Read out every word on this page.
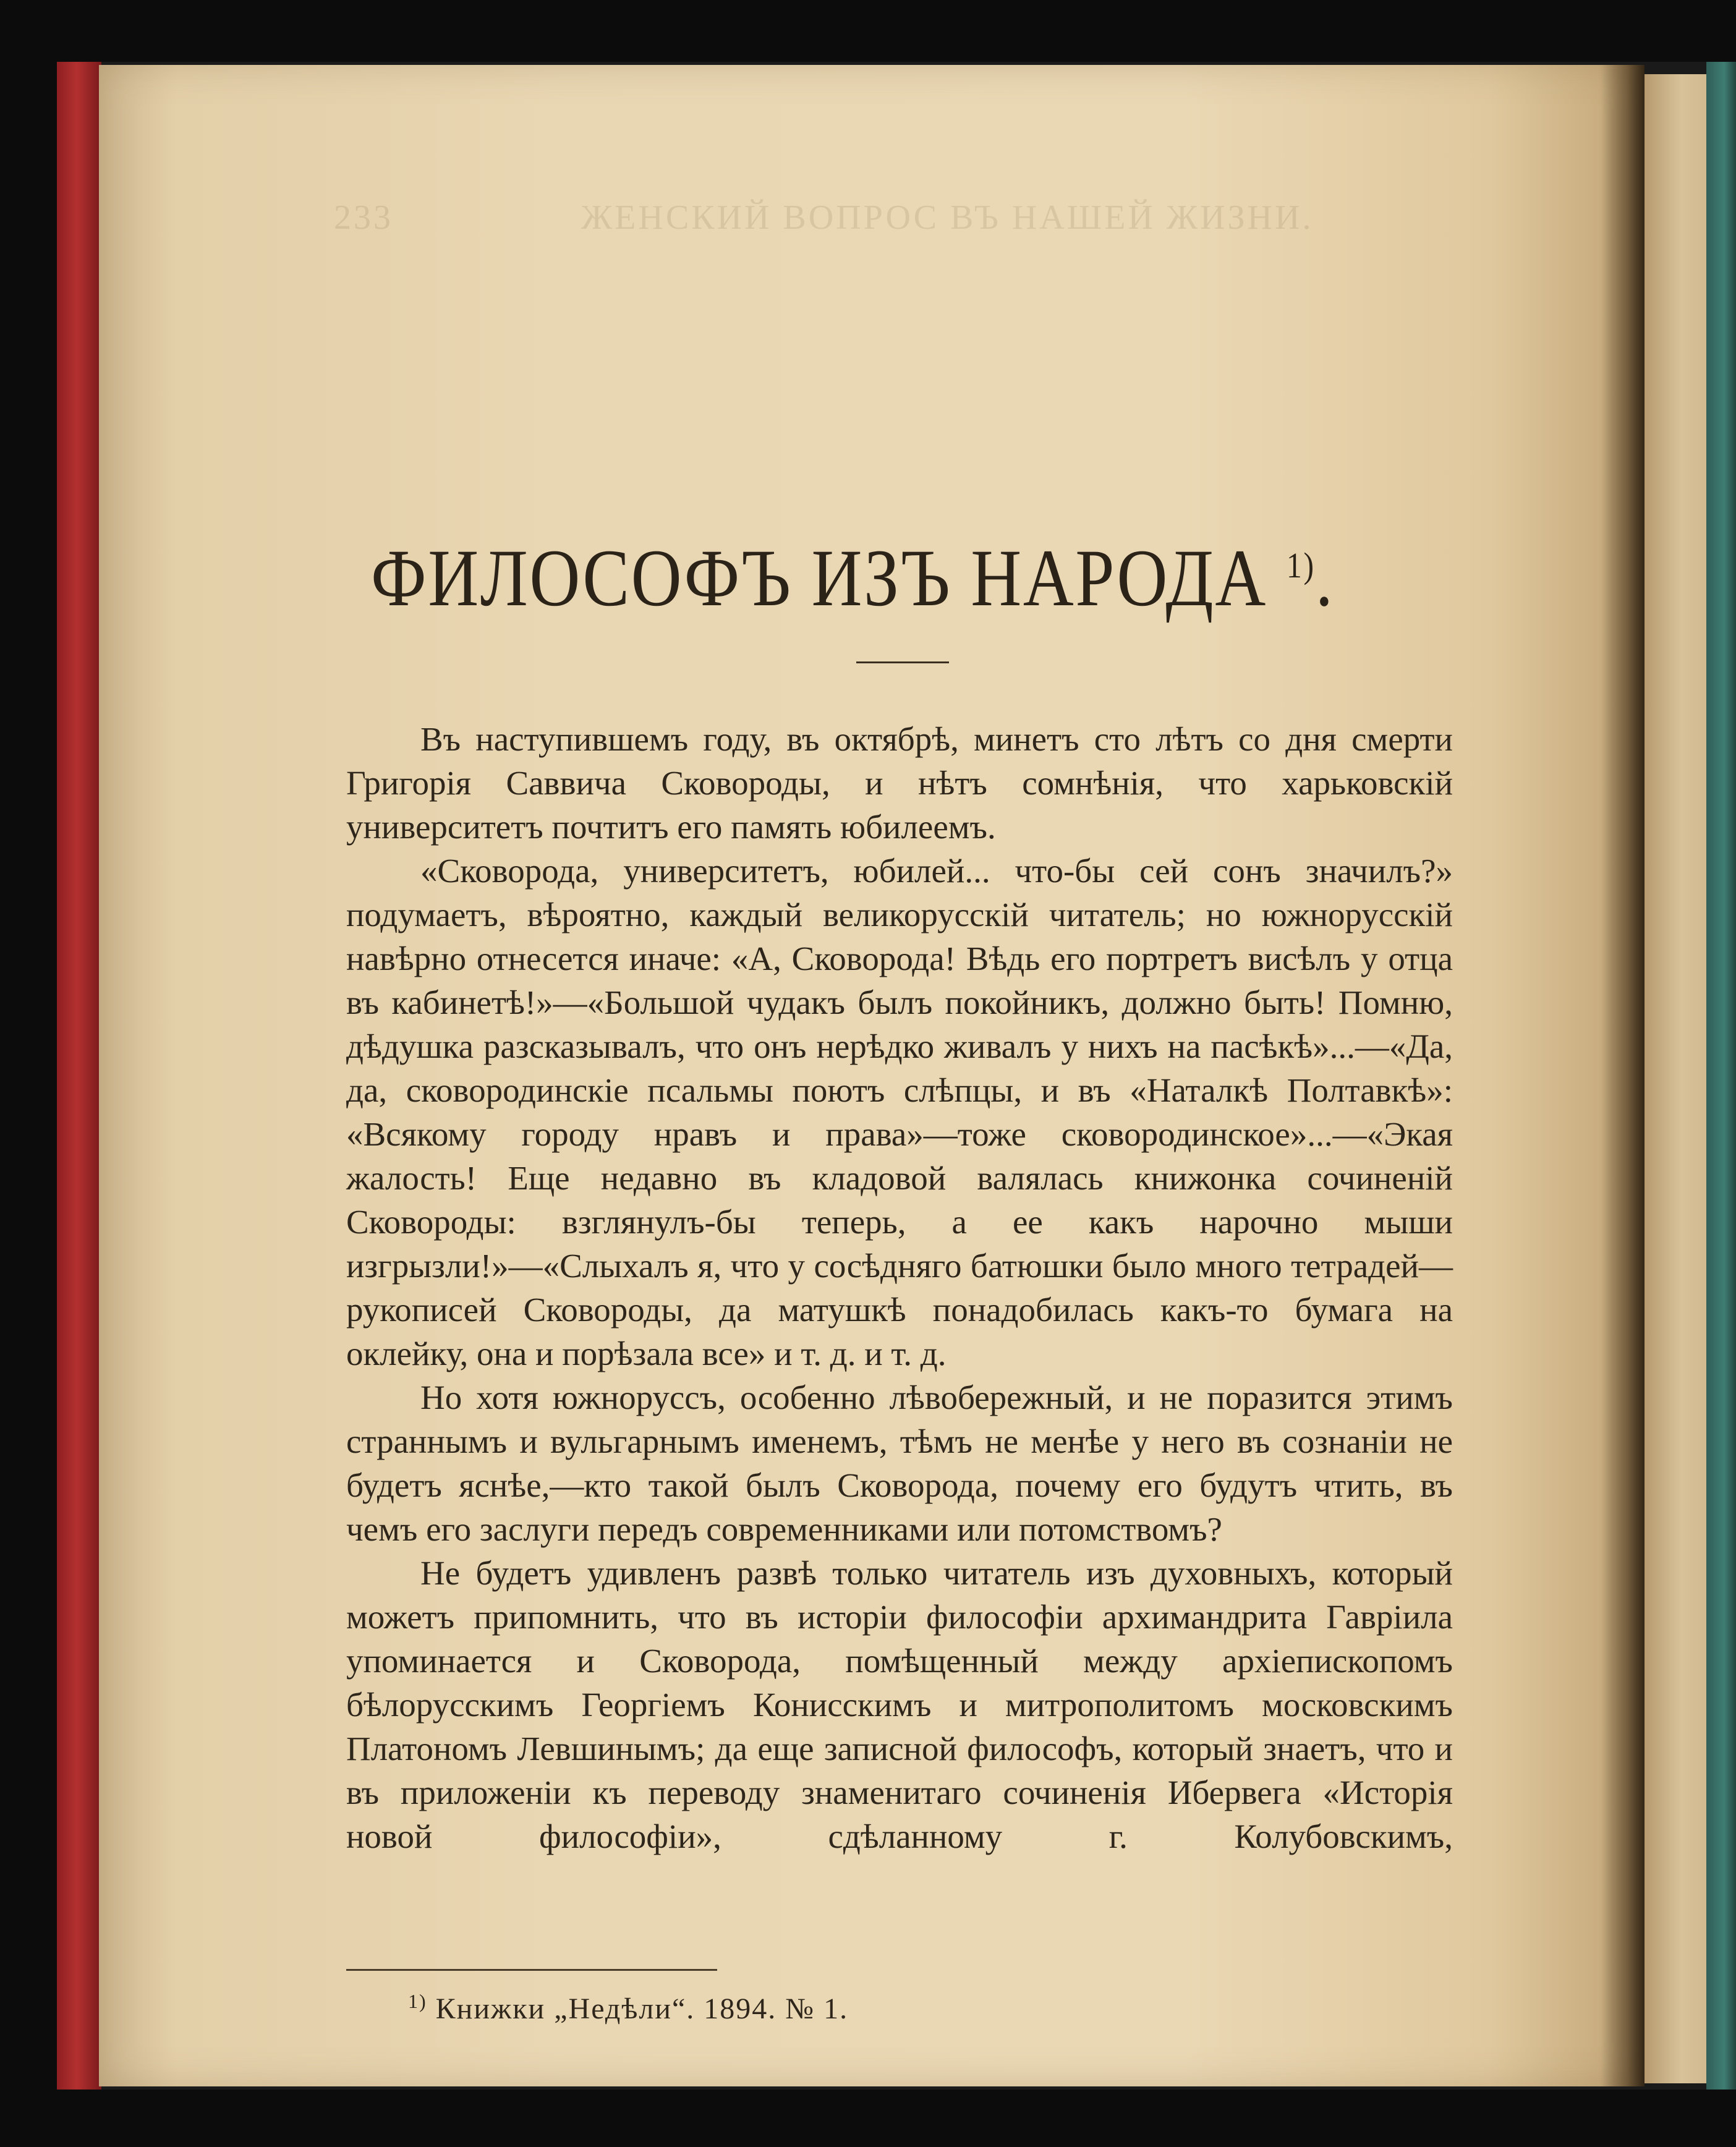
233	ЖЕНСКИЙ ВОПРОС ВЪ НАШЕЙ ЖИЗНИ.
ФИЛОСОФЪ ИЗЪ НАРОДА $^{1)}$.

Въ наступившемъ году, въ октябрѣ, минетъ сто лѣтъ со дня смерти Григорія Саввича Сковороды, и нѣтъ сомнѣнія, что харьковскій университетъ почтитъ его память юбилеемъ.

«Сковорода, университетъ, юбилей... что-бы сей сонъ значилъ?» подумаетъ, вѣроятно, каждый великорусскій читатель; но южнорусскій навѣрно отнесется иначе: «А, Сковорода! Вѣдь его портретъ висѣлъ у отца въ кабинетѣ!»—«Большой чудакъ былъ покойникъ, должно быть! Помню, дѣдушка разсказывалъ, что онъ нерѣдко живалъ у нихъ на пасѣкѣ»...—«Да, да, сковородинскіе псальмы поютъ слѣпцы, и въ «Наталкѣ Полтавкѣ»: «Всякому городу нравъ и права»—тоже сковородинское»...—«Экая жалость! Еще недавно въ кладовой валялась книжонка сочиненій Сковороды: взглянулъ-бы теперь, а ее какъ нарочно мыши изгрызли!»—«Слыхалъ я, что у сосѣдняго батюшки было много тетрадей—рукописей Сковороды, да матушкѣ понадобилась какъ-то бумага на оклейку, она и порѣзала все» и т. д. и т. д.

Но хотя южноруссъ, особенно лѣвобережный, и не поразится этимъ страннымъ и вульгарнымъ именемъ, тѣмъ не менѣе у него въ сознаніи не будетъ яснѣе,—кто такой былъ Сковорода, почему его будутъ чтить, въ чемъ его заслуги передъ современниками или потомствомъ?

Не будетъ удивленъ развѣ только читатель изъ духовныхъ, который можетъ припомнить, что въ исторіи философіи архимандрита Гавріила упоминается и Сковорода, помѣщенный между архіепископомъ бѣлорусскимъ Георгіемъ Конисскимъ и митрополитомъ московскимъ Платономъ Левшинымъ; да еще записной философъ, который знаетъ, что и въ приложеніи къ переводу знаменитаго сочиненія Ибервега «Исторія новой философіи», сдѣланному г. Колубовскимъ,

$^{1)}$ Книжки „Недѣли“. 1894. № 1.
